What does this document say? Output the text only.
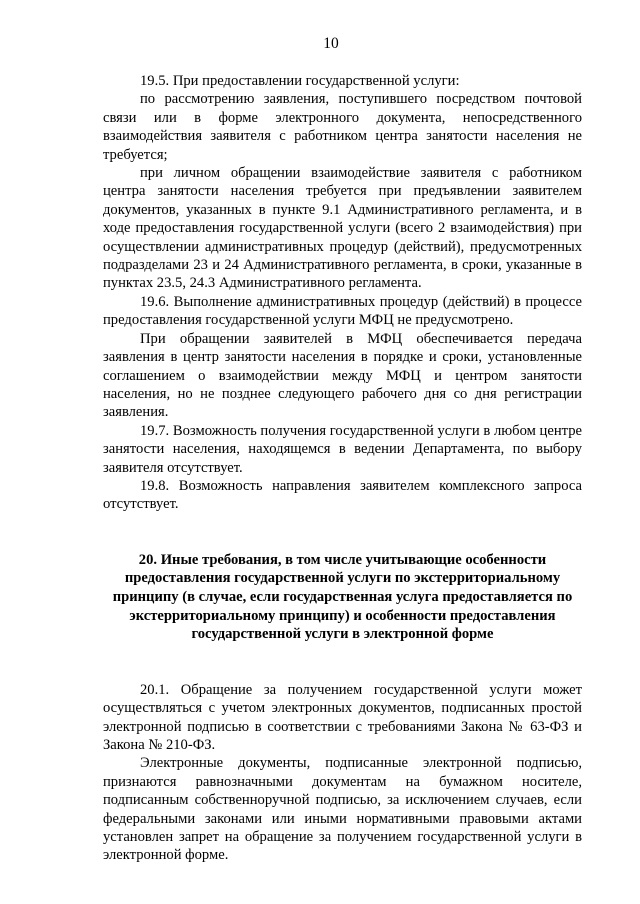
10

19.5. При предоставлении государственной услуги:

по рассмотрению заявления, поступившего посредством почтовой связи или в форме электронного документа, непосредственного взаимодействия заявителя с работником центра занятости населения не требуется;

при личном обращении взаимодействие заявителя с работником центра занятости населения требуется при предъявлении заявителем документов, указанных в пункте 9.1 Административного регламента, и в ходе предоставления государственной услуги (всего 2 взаимодействия) при осуществлении административных процедур (действий), предусмотренных подразделами 23 и 24 Административного регламента, в сроки, указанные в пунктах 23.5, 24.3 Административного регламента.

19.6. Выполнение административных процедур (действий) в процессе предоставления государственной услуги МФЦ не предусмотрено.

При обращении заявителей в МФЦ обеспечивается передача заявления в центр занятости населения в порядке и сроки, установленные соглашением о взаимодействии между МФЦ и центром занятости населения, но не позднее следующего рабочего дня со дня регистрации заявления.

19.7. Возможность получения государственной услуги в любом центре занятости населения, находящемся в ведении Департамента, по выбору заявителя отсутствует.

19.8. Возможность направления заявителем комплексного запроса отсутствует.

20. Иные требования, в том числе учитывающие особенности предоставления государственной услуги по экстерриториальному принципу (в случае, если государственная услуга предоставляется по экстерриториальному принципу) и особенности предоставления государственной услуги в электронной форме

20.1. Обращение за получением государственной услуги может осуществляться с учетом электронных документов, подписанных простой электронной подписью в соответствии с требованиями Закона № 63-ФЗ и Закона № 210-ФЗ.

Электронные документы, подписанные электронной подписью, признаются равнозначными документам на бумажном носителе, подписанным собственноручной подписью, за исключением случаев, если федеральными законами или иными нормативными правовыми актами установлен запрет на обращение за получением государственной услуги в электронной форме.
